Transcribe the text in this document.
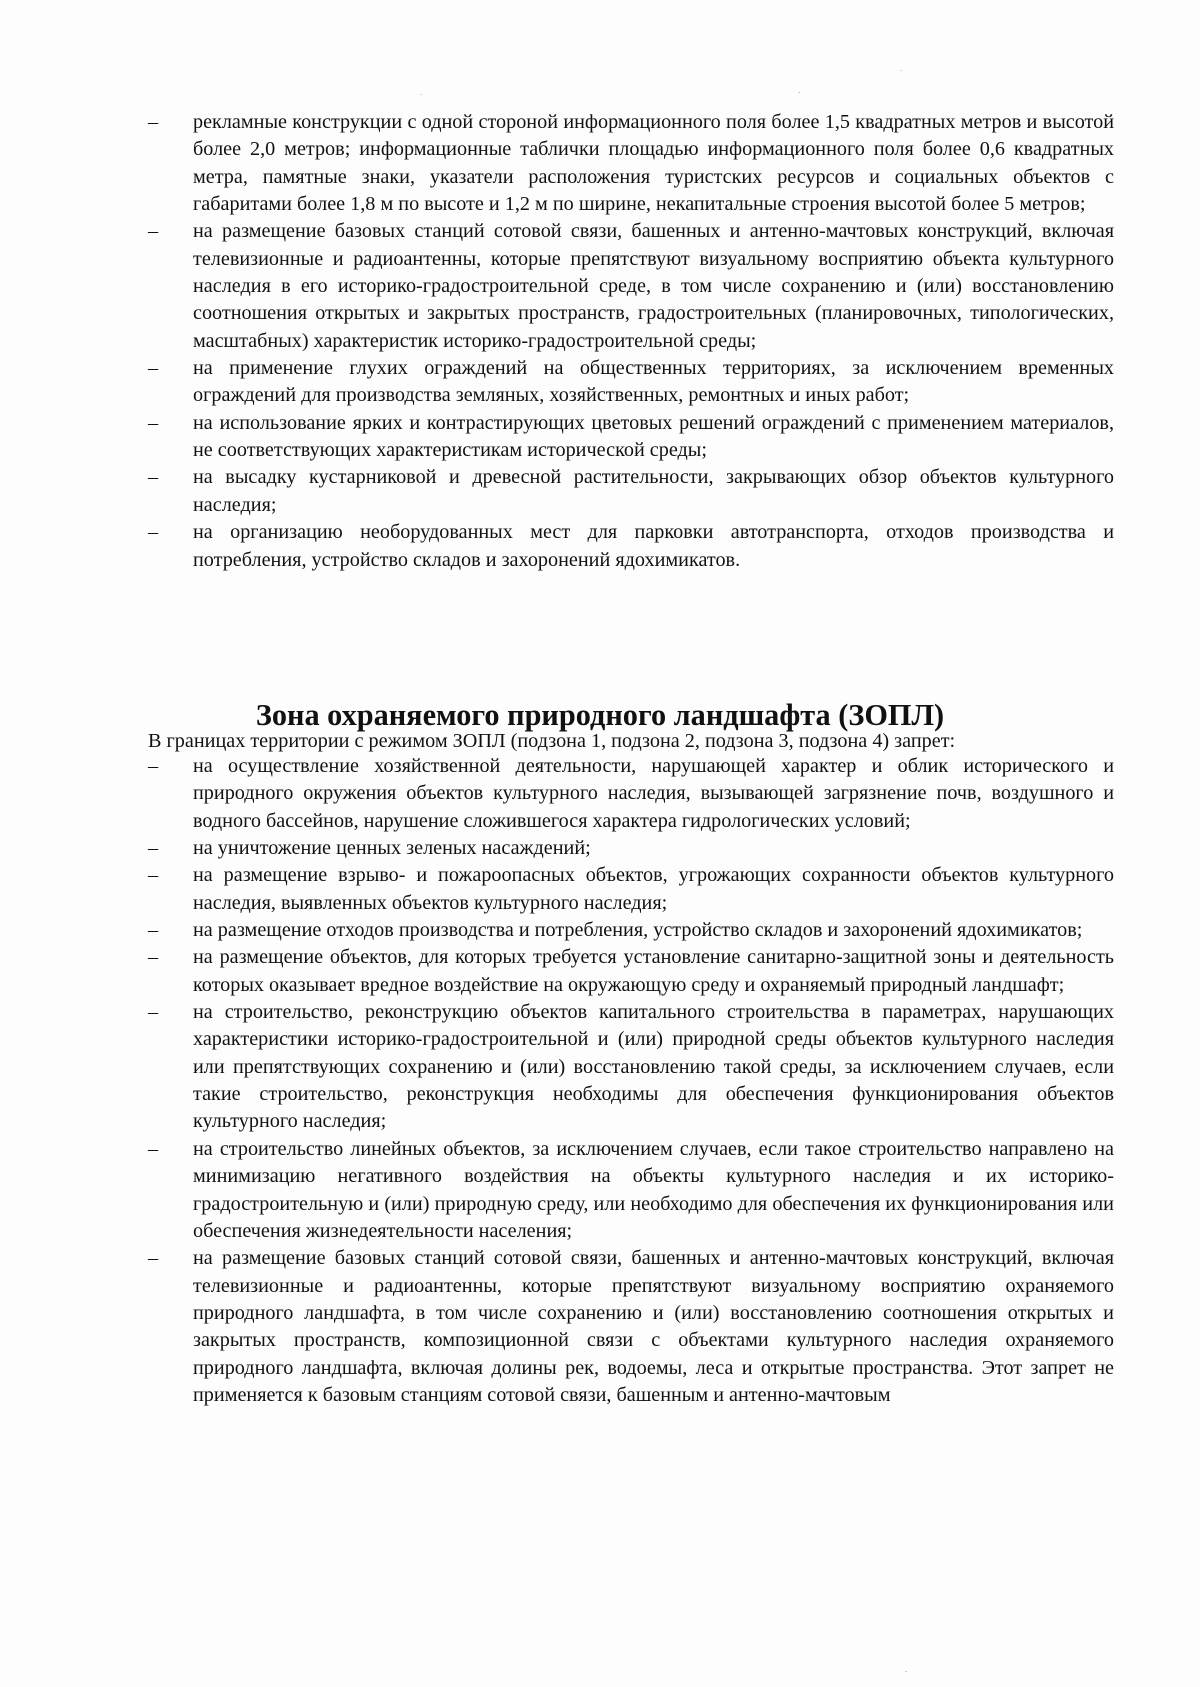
.	.
.
.
–	рекламные конструкции с одной стороной информационного поля более 1,5 квадратных метров и высотой более 2,0 метров; информационные таблички площадью информационного поля более 0,6 квадратных метра, памятные знаки, указатели расположения туристских ресурсов и социальных объектов с габаритами более 1,8 м по высоте и 1,2 м по ширине, некапитальные строения высотой более 5 метров;
–	на размещение базовых станций сотовой связи, башенных и антенно-мачтовых конструкций, включая телевизионные и радиоантенны, которые препятствуют визуальному восприятию объекта культурного наследия в его историко-градостроительной среде, в том числе сохранению и (или) восстановлению соотношения открытых и закрытых пространств, градостроительных (планировочных, типологических, масштабных) характеристик историко-градостроительной среды;
–	на применение глухих ограждений на общественных территориях, за исключением временных ограждений для производства земляных, хозяйственных, ремонтных и иных работ;
–	на использование ярких и контрастирующих цветовых решений ограждений с применением материалов, не соответствующих характеристикам исторической среды;
–	на высадку кустарниковой и древесной растительности, закрывающих обзор объектов культурного наследия;
–	на организацию необорудованных мест для парковки автотранспорта, отходов производства и потребления, устройство складов и захоронений ядохимикатов.
Зона охраняемого природного ландшафта (ЗОПЛ)

В границах территории с режимом ЗОПЛ (подзона 1, подзона 2, подзона 3, подзона 4) запрет:

–	на осуществление хозяйственной деятельности, нарушающей характер и облик исторического и природного окружения объектов культурного наследия, вызывающей загрязнение почв, воздушного и водного бассейнов, нарушение сложившегося характера гидрологических условий;
–	на уничтожение ценных зеленых насаждений;
–	на размещение взрыво- и пожароопасных объектов, угрожающих сохранности объектов культурного наследия, выявленных объектов культурного наследия;
–	на размещение отходов производства и потребления, устройство складов и захоронений ядохимикатов;
–	на размещение объектов, для которых требуется установление санитарно-защитной зоны и деятельность которых оказывает вредное воздействие на окружающую среду и охраняемый природный ландшафт;
–	на строительство, реконструкцию объектов капитального строительства в параметрах, нарушающих характеристики историко-градостроительной и (или) природной среды объектов культурного наследия или препятствующих сохранению и (или) восстановлению такой среды, за исключением случаев, если такие строительство, реконструкция необходимы для обеспечения функционирования объектов культурного наследия;
–	на строительство линейных объектов, за исключением случаев, если такое строительство направлено на минимизацию негативного воздействия на объекты культурного наследия и их историко-градостроительную и (или) природную среду, или необходимо для обеспечения их функционирования или обеспечения жизнедеятельности населения;
–	на размещение базовых станций сотовой связи, башенных и антенно-мачтовых конструкций, включая телевизионные и радиоантенны, которые препятствуют визуальному восприятию охраняемого природного ландшафта, в том числе сохранению и (или) восстановлению соотношения открытых и закрытых пространств, композиционной связи с объектами культурного наследия охраняемого природного ландшафта, включая долины рек, водоемы, леса и открытые пространства. Этот запрет не применяется к базовым станциям сотовой связи, башенным и антенно-мачтовым
